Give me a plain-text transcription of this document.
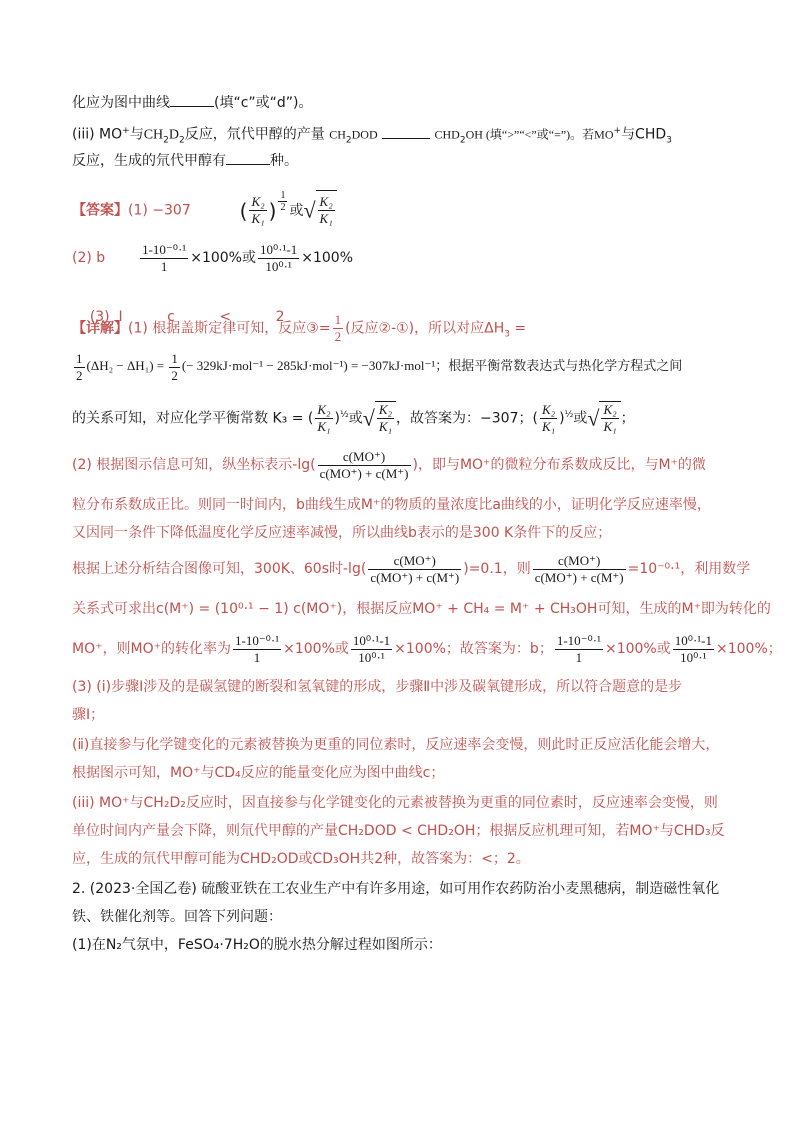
化应为图中曲线	(填“c”或“d”)。
(iii) MO+与$CH_2D_2$反应，氘代甲醇的产量 $CH_2DOD$	$CHD_2OH$ (填“>”“<”或“=”)。若MO+与$CHD_3$
反应，生成的氘代甲醇有	种。
【答案】(1) −307 ( $\frac{\text{K₂}}{\text{K₁}}$ ) $\frac{1}{2}$ 或√ $\frac{\text{K₂}}{\text{K₁}}$
(2) b	$\frac{\text{1-10⁻⁰·¹}}{1} \times 100\%$或 $\frac{\text{10⁰·¹-1}}{\text{10⁰·¹}} \times 100\%$

(3)  I          c          <          2

【详解】(1) 根据盖斯定律可知，反应③= $\frac{1}{2}$ (反应②-①)，所以对应$\Delta H_3$ =
$\frac{1}{2} (\Delta H_2 - \Delta H_1) = \frac{1}{2}$ (− 329kJ·mol⁻¹ − 285kJ·mol⁻¹) = −307kJ·mol⁻¹；根据平衡常数表达式与热化学方程式之间
的关系可知，对应化学平衡常数 K₃ = ( $\frac{\text{K₂}}{\text{K₁}} )^{\frac{1}{2}}$或√ $\frac{\text{K₂}}{\text{K₁}}$ ，故答案为：−307；( $\frac{\text{K₂}}{\text{K₁}} )^{\frac{1}{2}}$或√ $\frac{\text{K₂}}{\text{K₁}}$ ；
(2) 根据图示信息可知，纵坐标表示$-\lg( \frac{c(MO^+)}{c(MO^+) + c(M^+)}$ )，即与MO⁺的微粒分布系数成反比，与M⁺的微
粒分布系数成正比。则同一时间内，b曲线生成M⁺的物质的量浓度比a曲线的小，证明化学反应速率慢，
又因同一条件下降低温度化学反应速率减慢，所以曲线b表示的是300 K条件下的反应；
根据上述分析结合图像可知，300K、60s时$-\lg( \frac{c(MO^+)}{c(MO^+) + c(M^+)} )=0.1$，则 $\frac{c(MO^+)}{c(MO^+) + c(M^+)} =10^{-0}\cdot^1$，利用数学
关系式可求出c(M⁺) = (10⁰·¹ − 1) c(MO⁺)，根据反应MO⁺ + CH₄ = M⁺ + CH₃OH可知，生成的M⁺即为转化的
MO⁺，则MO⁺的转化率为 $\frac{\text{1-10⁻⁰·¹}}{1} \times 100\%$或 $\frac{\text{10⁰·¹-1}}{\text{10⁰·¹}} \times 100\%$；故答案为：b； $\frac{\text{1-10⁻⁰·¹}}{1} \times 100\%$或 $\frac{\text{10⁰·¹-1}}{\text{10⁰·¹}} \times 100\%$；
(3) (ⅰ)步骤Ⅰ涉及的是碳氢键的断裂和氢氧键的形成，步骤Ⅱ中涉及碳氧键形成，所以符合题意的是步
骤Ⅰ；
(ⅱ)直接参与化学键变化的元素被替换为更重的同位素时，反应速率会变慢，则此时正反应活化能会增大，
根据图示可知，MO⁺与CD₄反应的能量变化应为图中曲线c；
(iii) MO⁺与CH₂D₂反应时，因直接参与化学键变化的元素被替换为更重的同位素时，反应速率会变慢，则
单位时间内产量会下降，则氘代甲醇的产量CH₂DOD < CHD₂OH；根据反应机理可知，若MO⁺与CHD₃反
应，生成的氘代甲醇可能为CHD₂OD或CD₃OH共2种，故答案为：<；2。
2. (2023·全国乙卷) 硫酸亚铁在工农业生产中有许多用途，如可用作农药防治小麦黑穗病，制造磁性氧化
铁、铁催化剂等。回答下列问题：
(1)在N₂气氛中，FeSO₄·7H₂O的脱水热分解过程如图所示：
